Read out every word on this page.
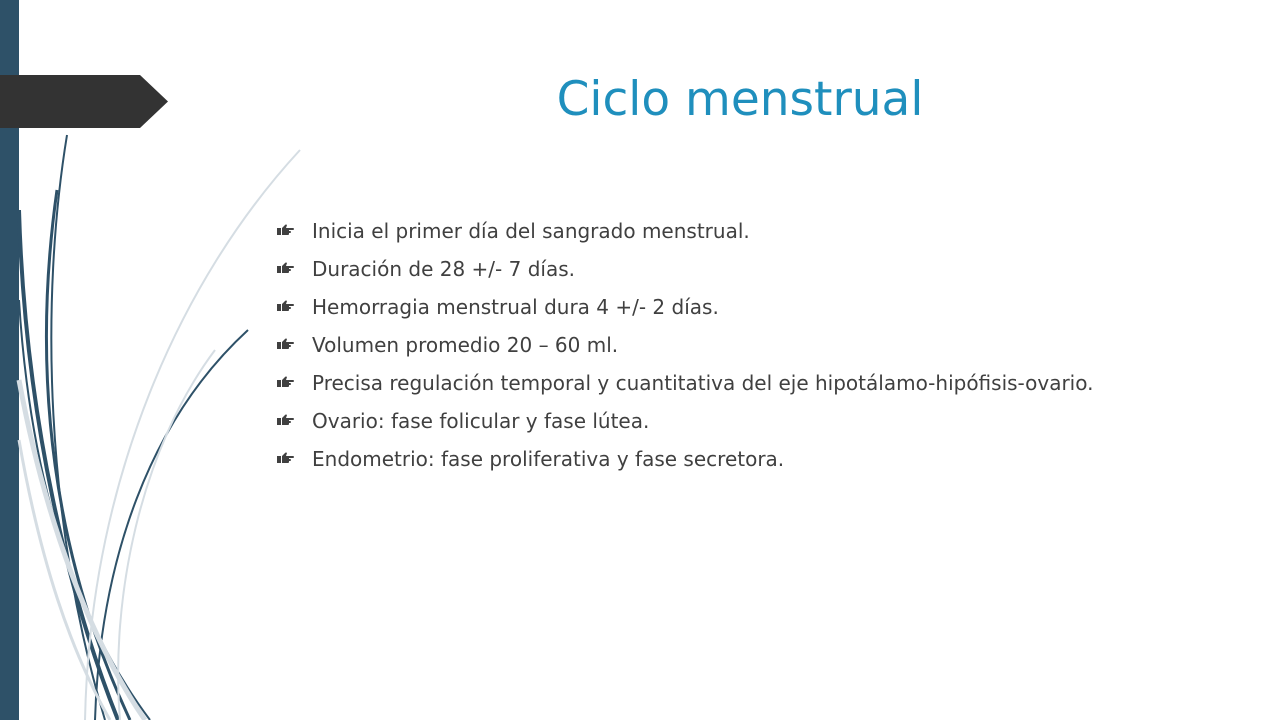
Ciclo menstrual
Inicia el primer día del sangrado menstrual.
Duración de 28 +/- 7 días.
Hemorragia menstrual dura 4 +/- 2 días.
Volumen promedio 20 – 60 ml.
Precisa regulación temporal y cuantitativa del eje hipotálamo-hipófisis-ovario.
Ovario: fase folicular y fase lútea.
Endometrio: fase proliferativa y fase secretora.
